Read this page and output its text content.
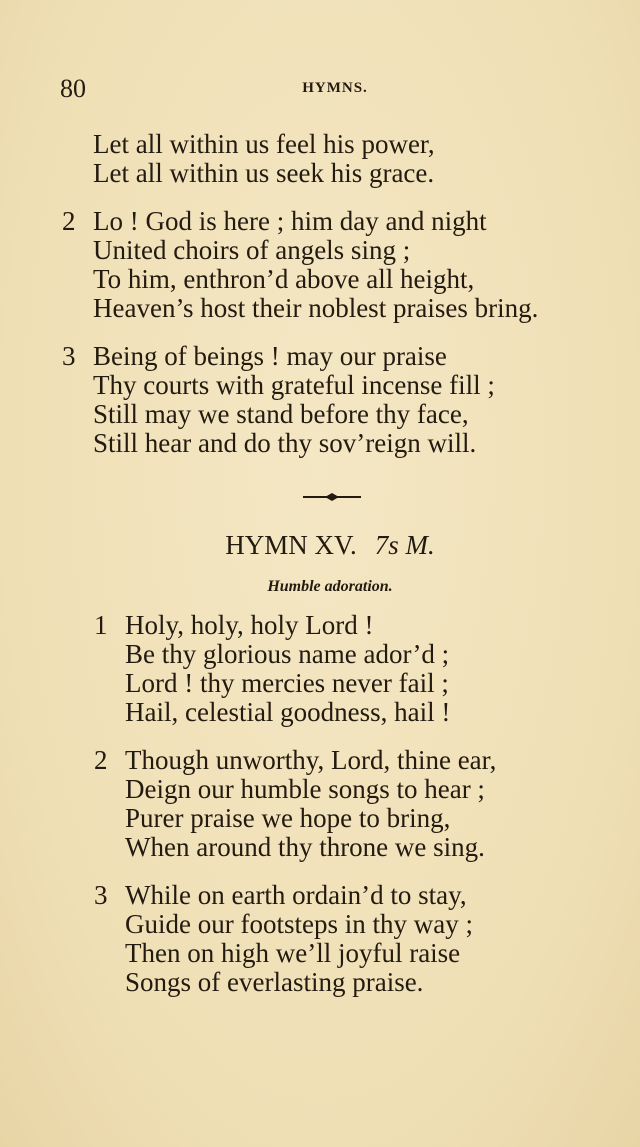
80	HYMNS.
Let all within us feel his power,
Let all within us seek his grace.
2 Lo ! God is here ; him day and night
United choirs of angels sing ;
To him, enthron’d above all height,
Heaven’s host their noblest praises bring.
3 Being of beings ! may our praise
Thy courts with grateful incense fill ;
Still may we stand before thy face,
Still hear and do thy sov’reign will.
HYMN XV. 7s M.
Humble adoration.
1 Holy, holy, holy Lord !
Be thy glorious name ador’d ;
Lord ! thy mercies never fail ;
Hail, celestial goodness, hail !
2 Though unworthy, Lord, thine ear,
Deign our humble songs to hear ;
Purer praise we hope to bring,
When around thy throne we sing.
3 While on earth ordain’d to stay,
Guide our footsteps in thy way ;
Then on high we’ll joyful raise
Songs of everlasting praise.
